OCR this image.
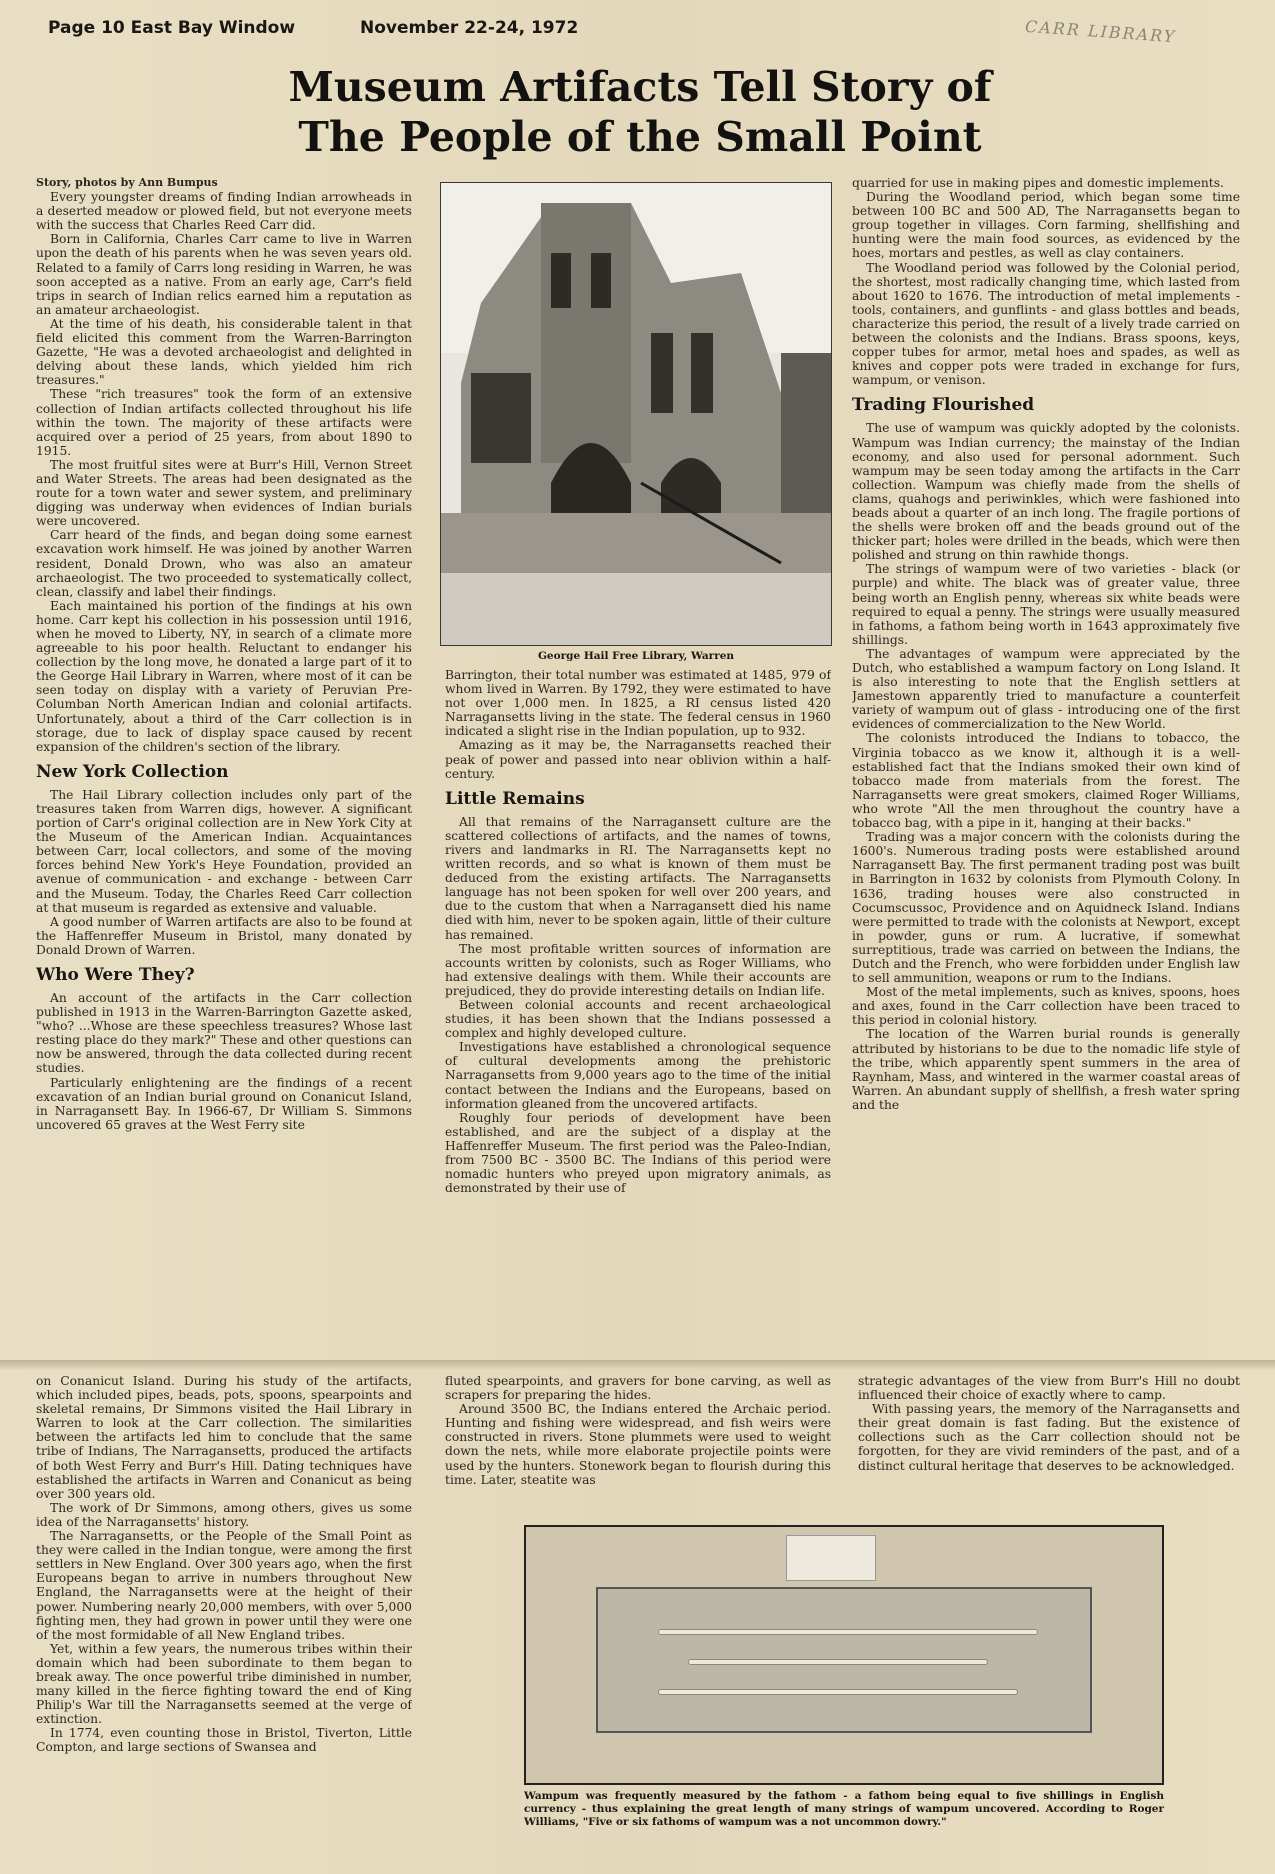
Page 10 East Bay Window	November 22-24, 1972	CARR LIBRARY
Museum Artifacts Tell Story of
The People of the Small Point

Story, photos by Ann Bumpus

Every youngster dreams of finding Indian arrowheads in a deserted meadow or plowed field, but not everyone meets with the success that Charles Reed Carr did.

Born in California, Charles Carr came to live in Warren upon the death of his parents when he was seven years old. Related to a family of Carrs long residing in Warren, he was soon accepted as a native. From an early age, Carr's field trips in search of Indian relics earned him a reputation as an amateur archaeologist.

At the time of his death, his considerable talent in that field elicited this comment from the Warren-Barrington Gazette, "He was a devoted archaeologist and delighted in delving about these lands, which yielded him rich treasures."

These "rich treasures" took the form of an extensive collection of Indian artifacts collected throughout his life within the town. The majority of these artifacts were acquired over a period of 25 years, from about 1890 to 1915.

The most fruitful sites were at Burr's Hill, Vernon Street and Water Streets. The areas had been designated as the route for a town water and sewer system, and preliminary digging was underway when evidences of Indian burials were uncovered.

Carr heard of the finds, and began doing some earnest excavation work himself. He was joined by another Warren resident, Donald Drown, who was also an amateur archaeologist. The two proceeded to systematically collect, clean, classify and label their findings.

Each maintained his portion of the findings at his own home. Carr kept his collection in his possession until 1916, when he moved to Liberty, NY, in search of a climate more agreeable to his poor health. Reluctant to endanger his collection by the long move, he donated a large part of it to the George Hail Library in Warren, where most of it can be seen today on display with a variety of Peruvian Pre-Columban North American Indian and colonial artifacts. Unfortunately, about a third of the Carr collection is in storage, due to lack of display space caused by recent expansion of the children's section of the library.

New York Collection

The Hail Library collection includes only part of the treasures taken from Warren digs, however. A significant portion of Carr's original collection are in New York City at the Museum of the American Indian. Acquaintances between Carr, local collectors, and some of the moving forces behind New York's Heye Foundation, provided an avenue of communication - and exchange - between Carr and the Museum. Today, the Charles Reed Carr collection at that museum is regarded as extensive and valuable.

A good number of Warren artifacts are also to be found at the Haffenreffer Museum in Bristol, many donated by Donald Drown of Warren.

Who Were They?

An account of the artifacts in the Carr collection published in 1913 in the Warren-Barrington Gazette asked, "who? ...Whose are these speechless treasures? Whose last resting place do they mark?" These and other questions can now be answered, through the data collected during recent studies.

Particularly enlightening are the findings of a recent excavation of an Indian burial ground on Conanicut Island, in Narragansett Bay. In 1966-67, Dr William S. Simmons uncovered 65 graves at the West Ferry site

George Hail Free Library, Warren

Barrington, their total number was estimated at 1485, 979 of whom lived in Warren. By 1792, they were estimated to have not over 1,000 men. In 1825, a RI census listed 420 Narragansetts living in the state. The federal census in 1960 indicated a slight rise in the Indian population, up to 932.

Amazing as it may be, the Narragansetts reached their peak of power and passed into near oblivion within a half-century.

Little Remains

All that remains of the Narragansett culture are the scattered collections of artifacts, and the names of towns, rivers and landmarks in RI. The Narragansetts kept no written records, and so what is known of them must be deduced from the existing artifacts. The Narragansetts language has not been spoken for well over 200 years, and due to the custom that when a Narragansett died his name died with him, never to be spoken again, little of their culture has remained.

The most profitable written sources of information are accounts written by colonists, such as Roger Williams, who had extensive dealings with them. While their accounts are prejudiced, they do provide interesting details on Indian life.

Between colonial accounts and recent archaeological studies, it has been shown that the Indians possessed a complex and highly developed culture.

Investigations have established a chronological sequence of cultural developments among the prehistoric Narragansetts from 9,000 years ago to the time of the initial contact between the Indians and the Europeans, based on information gleaned from the uncovered artifacts.

Roughly four periods of development have been established, and are the subject of a display at the Haffenreffer Museum. The first period was the Paleo-Indian, from 7500 BC - 3500 BC. The Indians of this period were nomadic hunters who preyed upon migratory animals, as demonstrated by their use of

quarried for use in making pipes and domestic implements.

During the Woodland period, which began some time between 100 BC and 500 AD, The Narragansetts began to group together in villages. Corn farming, shellfishing and hunting were the main food sources, as evidenced by the hoes, mortars and pestles, as well as clay containers.

The Woodland period was followed by the Colonial period, the shortest, most radically changing time, which lasted from about 1620 to 1676. The introduction of metal implements - tools, containers, and gunflints - and glass bottles and beads, characterize this period, the result of a lively trade carried on between the colonists and the Indians. Brass spoons, keys, copper tubes for armor, metal hoes and spades, as well as knives and copper pots were traded in exchange for furs, wampum, or venison.

Trading Flourished

The use of wampum was quickly adopted by the colonists. Wampum was Indian currency; the mainstay of the Indian economy, and also used for personal adornment. Such wampum may be seen today among the artifacts in the Carr collection. Wampum was chiefly made from the shells of clams, quahogs and periwinkles, which were fashioned into beads about a quarter of an inch long. The fragile portions of the shells were broken off and the beads ground out of the thicker part; holes were drilled in the beads, which were then polished and strung on thin rawhide thongs.

The strings of wampum were of two varieties - black (or purple) and white. The black was of greater value, three being worth an English penny, whereas six white beads were required to equal a penny. The strings were usually measured in fathoms, a fathom being worth in 1643 approximately five shillings.

The advantages of wampum were appreciated by the Dutch, who established a wampum factory on Long Island. It is also interesting to note that the English settlers at Jamestown apparently tried to manufacture a counterfeit variety of wampum out of glass - introducing one of the first evidences of commercialization to the New World.

The colonists introduced the Indians to tobacco, the Virginia tobacco as we know it, although it is a well-established fact that the Indians smoked their own kind of tobacco made from materials from the forest. The Narragansetts were great smokers, claimed Roger Williams, who wrote "All the men throughout the country have a tobacco bag, with a pipe in it, hanging at their backs."

Trading was a major concern with the colonists during the 1600's. Numerous trading posts were established around Narragansett Bay. The first permanent trading post was built in Barrington in 1632 by colonists from Plymouth Colony. In 1636, trading houses were also constructed in Cocumscussoc, Providence and on Aquidneck Island. Indians were permitted to trade with the colonists at Newport, except in powder, guns or rum. A lucrative, if somewhat surreptitious, trade was carried on between the Indians, the Dutch and the French, who were forbidden under English law to sell ammunition, weapons or rum to the Indians.

Most of the metal implements, such as knives, spoons, hoes and axes, found in the Carr collection have been traced to this period in colonial history.

The location of the Warren burial rounds is generally attributed by historians to be due to the nomadic life style of the tribe, which apparently spent summers in the area of Raynham, Mass, and wintered in the warmer coastal areas of Warren. An abundant supply of shellfish, a fresh water spring and the

on Conanicut Island. During his study of the artifacts, which included pipes, beads, pots, spoons, spearpoints and skeletal remains, Dr Simmons visited the Hail Library in Warren to look at the Carr collection. The similarities between the artifacts led him to conclude that the same tribe of Indians, The Narragansetts, produced the artifacts of both West Ferry and Burr's Hill. Dating techniques have established the artifacts in Warren and Conanicut as being over 300 years old.

The work of Dr Simmons, among others, gives us some idea of the Narragansetts' history.

The Narragansetts, or the People of the Small Point as they were called in the Indian tongue, were among the first settlers in New England. Over 300 years ago, when the first Europeans began to arrive in numbers throughout New England, the Narragansetts were at the height of their power. Numbering nearly 20,000 members, with over 5,000 fighting men, they had grown in power until they were one of the most formidable of all New England tribes.

Yet, within a few years, the numerous tribes within their domain which had been subordinate to them began to break away. The once powerful tribe diminished in number, many killed in the fierce fighting toward the end of King Philip's War till the Narragansetts seemed at the verge of extinction.

In 1774, even counting those in Bristol, Tiverton, Little Compton, and large sections of Swansea and

fluted spearpoints, and gravers for bone carving, as well as scrapers for preparing the hides.

Around 3500 BC, the Indians entered the Archaic period. Hunting and fishing were widespread, and fish weirs were constructed in rivers. Stone plummets were used to weight down the nets, while more elaborate projectile points were used by the hunters. Stonework began to flourish during this time. Later, steatite was

strategic advantages of the view from Burr's Hill no doubt influenced their choice of exactly where to camp.

With passing years, the memory of the Narragansetts and their great domain is fast fading. But the existence of collections such as the Carr collection should not be forgotten, for they are vivid reminders of the past, and of a distinct cultural heritage that deserves to be acknowledged.

Wampum was frequently measured by the fathom - a fathom being equal to five shillings in English currency - thus explaining the great length of many strings of wampum uncovered. According to Roger Williams, "Five or six fathoms of wampum was a not uncommon dowry."
